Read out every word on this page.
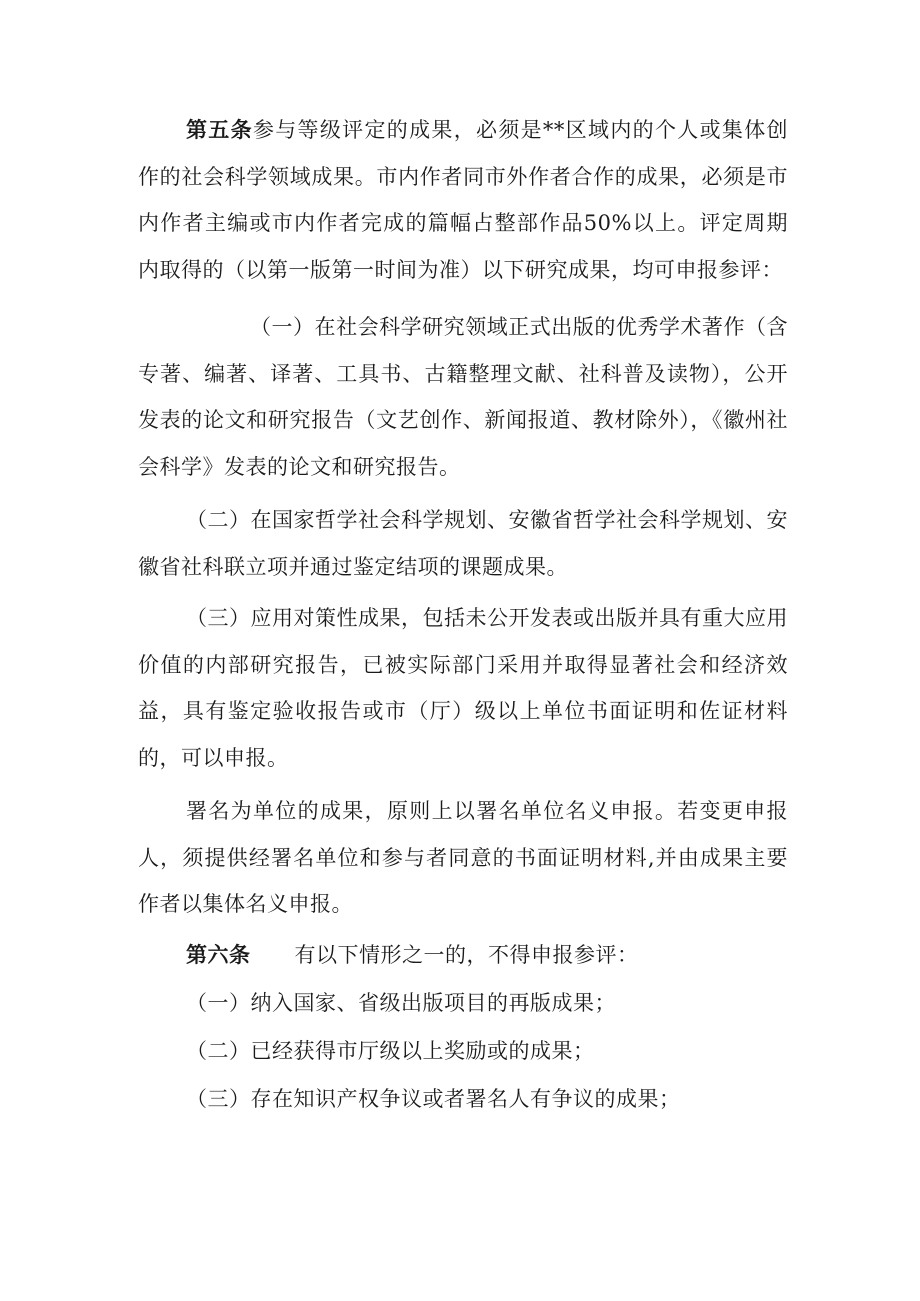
第五条参与等级评定的成果，必须是**区域内的个人或集体创作的社会科学领域成果。市内作者同市外作者合作的成果，必须是市内作者主编或市内作者完成的篇幅占整部作品50%以上。评定周期内取得的（以第一版第一时间为准）以下研究成果，均可申报参评：

（一）在社会科学研究领域正式出版的优秀学术著作（含专著、编著、译著、工具书、古籍整理文献、社科普及读物），公开发表的论文和研究报告（文艺创作、新闻报道、教材除外），《徽州社会科学》发表的论文和研究报告。

（二）在国家哲学社会科学规划、安徽省哲学社会科学规划、安徽省社科联立项并通过鉴定结项的课题成果。

（三）应用对策性成果，包括未公开发表或出版并具有重大应用价值的内部研究报告，已被实际部门采用并取得显著社会和经济效益，具有鉴定验收报告或市（厅）级以上单位书面证明和佐证材料的，可以申报。

署名为单位的成果，原则上以署名单位名义申报。若变更申报人，须提供经署名单位和参与者同意的书面证明材料,并由成果主要作者以集体名义申报。

第六条 有以下情形之一的，不得申报参评：

（一）纳入国家、省级出版项目的再版成果；

（二）已经获得市厅级以上奖励或的成果；

（三）存在知识产权争议或者署名人有争议的成果；
